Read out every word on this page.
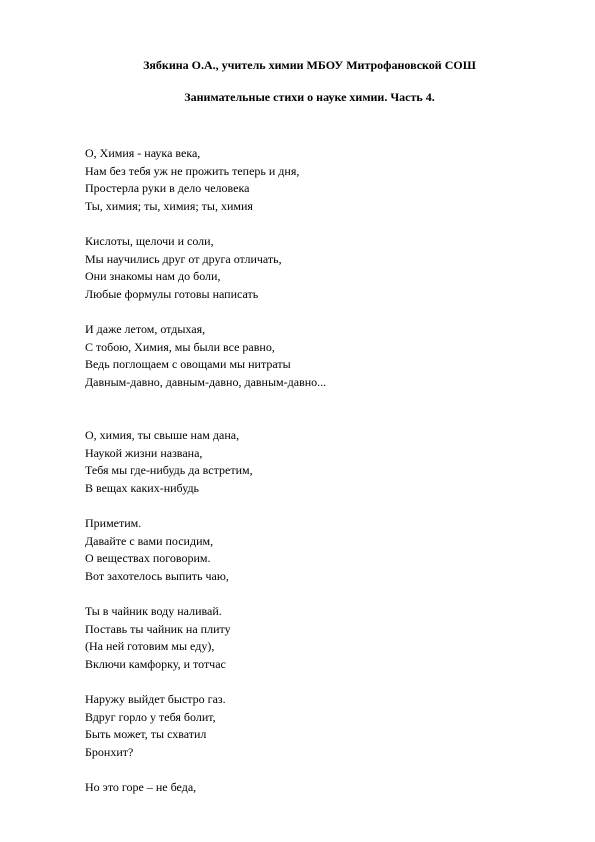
Зябкина О.А., учитель химии МБОУ Митрофановской СОШ
Занимательные стихи о науке химии. Часть 4.
О, Химия - наука века,
Нам без тебя уж не прожить теперь и дня,
Простерла руки в дело человека
Ты, химия; ты, химия; ты, химия
Кислоты, щелочи и соли,
Мы научились друг от друга отличать,
Они знакомы нам до боли,
Любые формулы готовы написать
И даже летом, отдыхая,
С тобою, Химия, мы были все равно,
Ведь поглощаем с овощами мы нитраты
Давным-давно, давным-давно, давным-давно...
О, химия, ты свыше нам дана,
Наукой жизни названа,
Тебя мы где-нибудь да встретим,
В вещах каких-нибудь
Приметим.
Давайте с вами посидим,
О веществах поговорим.
Вот захотелось выпить чаю,
Ты в чайник воду наливай.
Поставь ты чайник на плиту
(На ней готовим мы еду),
Включи камфорку, и тотчас
Наружу выйдет быстро газ.
Вдруг горло у тебя болит,
Быть может, ты схватил
Бронхит?
Но это горе – не беда,
